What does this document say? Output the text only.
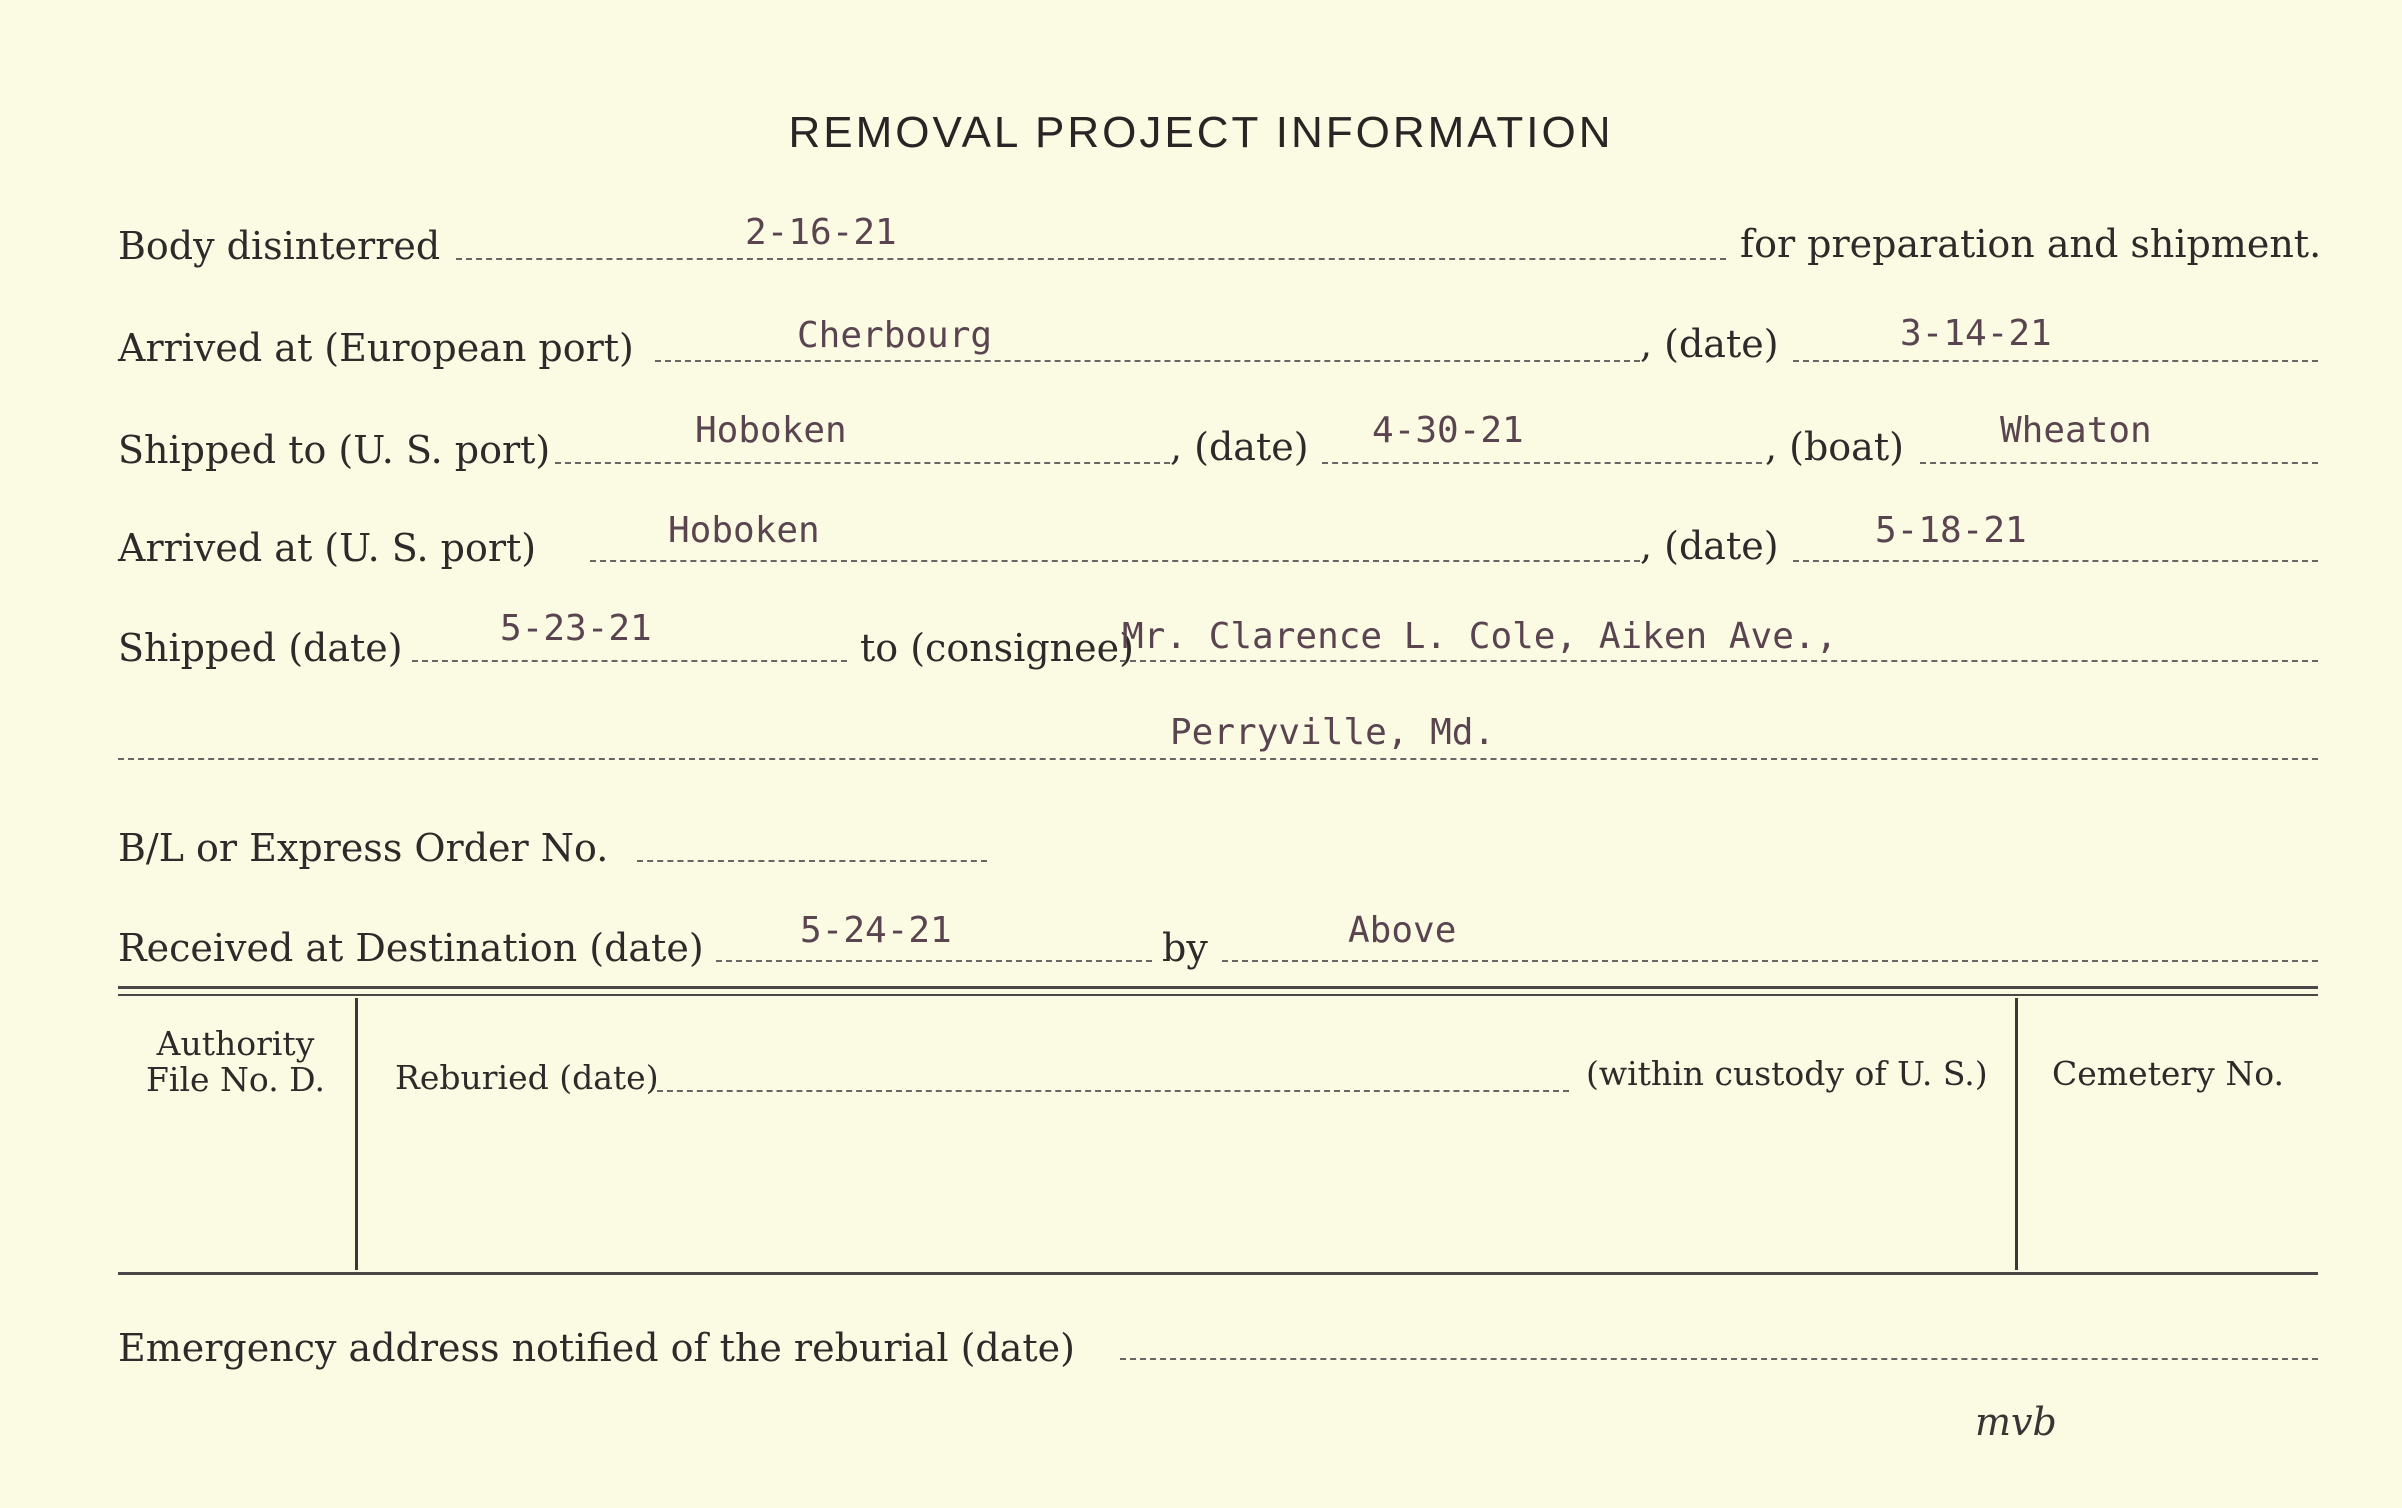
REMOVAL PROJECT INFORMATION
Body disinterred	2-16-21	for preparation and shipment.
Arrived at (European port)	Cherbourg	, (date)	3-14-21
Shipped to (U. S. port)	Hoboken	, (date) 4-30-21	, (boat)	Wheaton
Arrived at (U. S. port)	Hoboken	, (date)	5-18-21
Shipped (date)	5-23-21	to (consignee)
Mr. Clarence L. Cole, Aiken Ave.,
Perryville, Md.
B/L or Express Order No.
Received at Destination (date)	5-24-21	by	Above
Authority
File No. D.	Reburied (date)	(within custody of U. S.)	Cemetery No.
Emergency address notified of the reburial (date)
mvb
